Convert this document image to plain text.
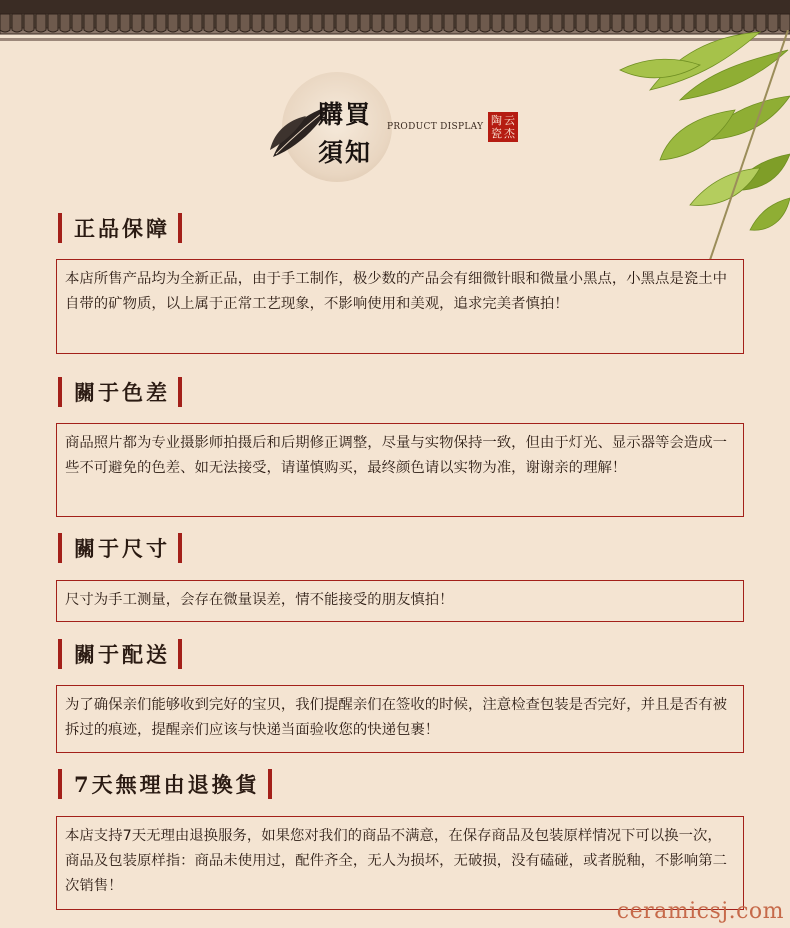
購買
須知
PRODUCT DISPLAY 陶 云
瓷 杰
正品保障
本店所售产品均为全新正品，由于手工制作，极少数的产品会有细微针眼和微量小黑点，小黑点是瓷土中自带的矿物质，以上属于正常工艺现象，不影响使用和美观，追求完美者慎拍！
關于色差
商品照片都为专业摄影师拍摄后和后期修正调整，尽量与实物保持一致，但由于灯光、显示器等会造成一些不可避免的色差、如无法接受，请谨慎购买，最终颜色请以实物为准，谢谢亲的理解！
關于尺寸
尺寸为手工测量，会存在微量误差，情不能接受的朋友慎拍！
關于配送
为了确保亲们能够收到完好的宝贝，我们提醒亲们在签收的时候，注意检查包装是否完好，并且是否有被拆过的痕迹，提醒亲们应该与快递当面验收您的快递包裹！
7天無理由退換貨
本店支持7天无理由退换服务，如果您对我们的商品不满意，在保存商品及包装原样情况下可以换一次，商品及包装原样指：商品未使用过，配件齐全，无人为损坏，无破损，没有磕碰，或者脱釉，不影响第二次销售！
ceramicsj.com
